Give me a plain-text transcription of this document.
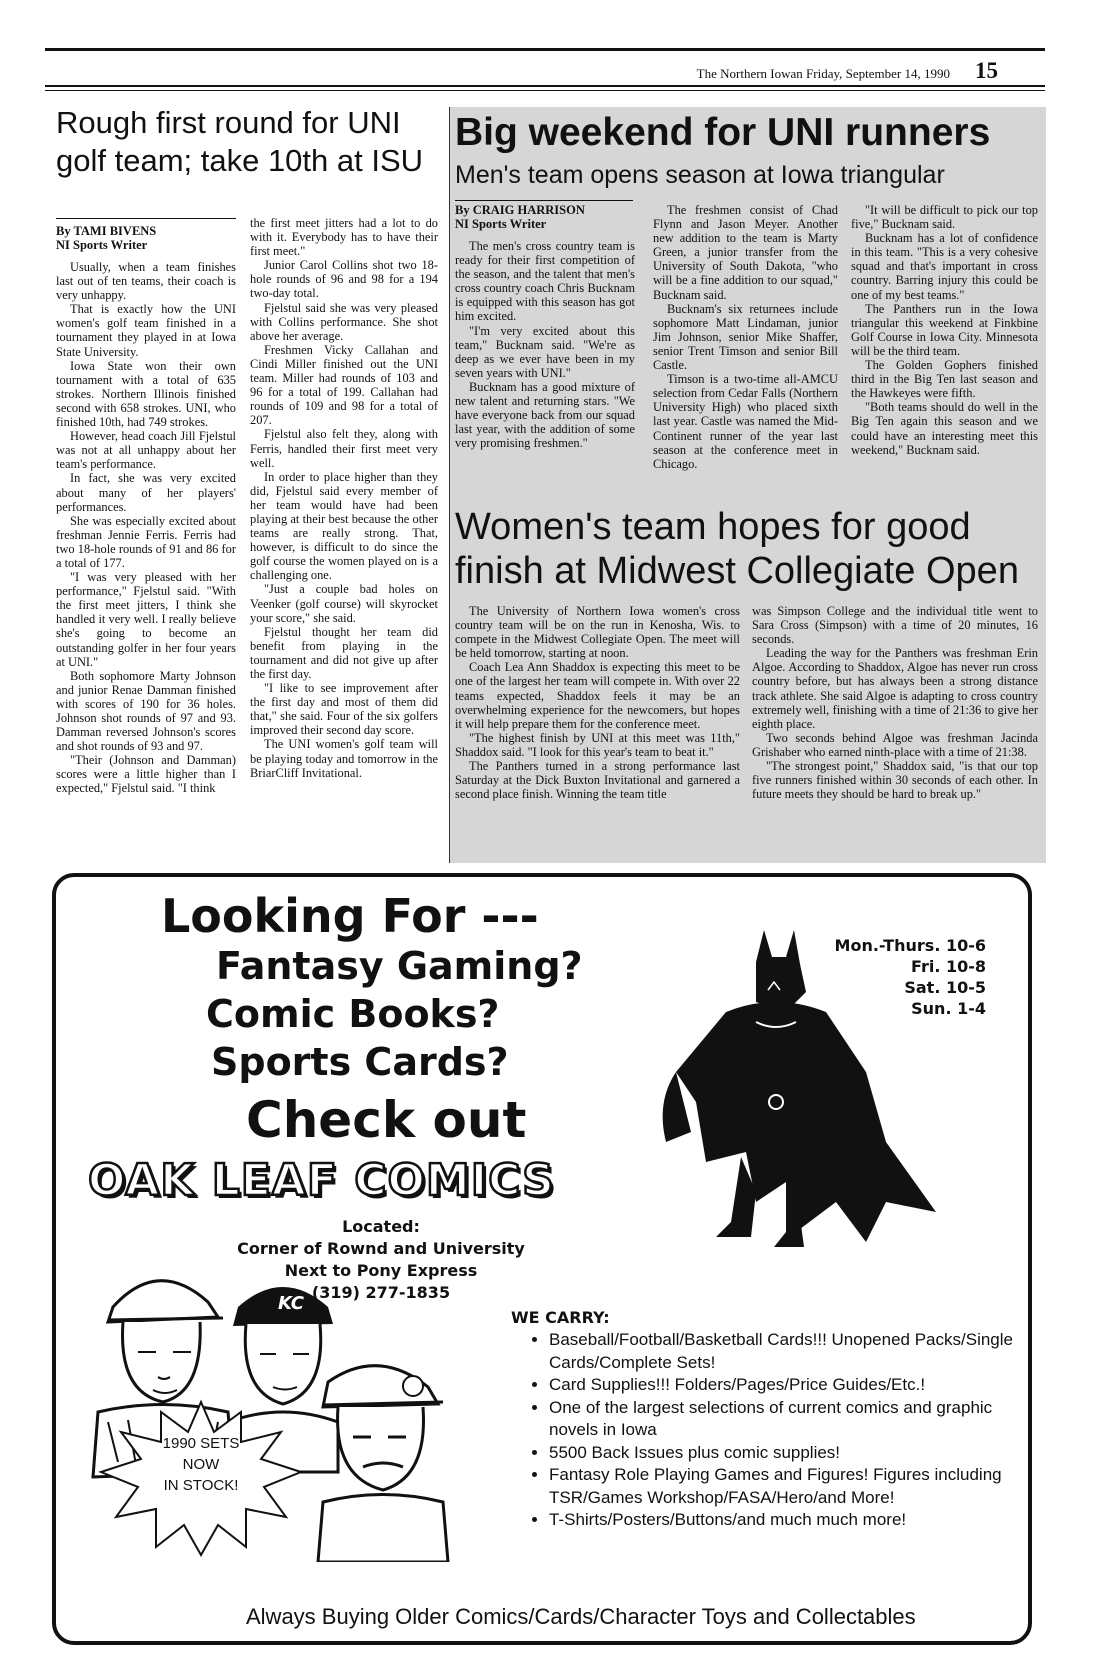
The Northern Iowan Friday, September 14, 1990 15
Rough first round for UNI golf team; take 10th at ISU
By TAMI BIVENS
NI Sports Writer

Usually, when a team finishes last out of ten teams, their coach is very unhappy.

That is exactly how the UNI women's golf team finished in a tournament they played in at Iowa State University.

Iowa State won their own tournament with a total of 635 strokes. Northern Illinois finished second with 658 strokes. UNI, who finished 10th, had 749 strokes.

However, head coach Jill Fjelstul was not at all unhappy about her team's performance.

In fact, she was very excited about many of her players' performances.

She was especially excited about freshman Jennie Ferris. Ferris had two 18-hole rounds of 91 and 86 for a total of 177.

"I was very pleased with her performance," Fjelstul said. "With the first meet jitters, I think she handled it very well. I really believe she's going to become an outstanding golfer in her four years at UNI."

Both sophomore Marty Johnson and junior Renae Damman finished with scores of 190 for 36 holes. Johnson shot rounds of 97 and 93. Damman reversed Johnson's scores and shot rounds of 93 and 97.

"Their (Johnson and Damman) scores were a little higher than I expected," Fjelstul said. "I think

the first meet jitters had a lot to do with it. Everybody has to have their first meet."

Junior Carol Collins shot two 18-hole rounds of 96 and 98 for a 194 two-day total.

Fjelstul said she was very pleased with Collins performance. She shot above her average.

Freshmen Vicky Callahan and Cindi Miller finished out the UNI team. Miller had rounds of 103 and 96 for a total of 199. Callahan had rounds of 109 and 98 for a total of 207.

Fjelstul also felt they, along with Ferris, handled their first meet very well.

In order to place higher than they did, Fjelstul said every member of her team would have had been playing at their best because the other teams are really strong. That, however, is difficult to do since the golf course the women played on is a challenging one.

"Just a couple bad holes on Veenker (golf course) will skyrocket your score," she said.

Fjelstul thought her team did benefit from playing in the tournament and did not give up after the first day.

"I like to see improvement after the first day and most of them did that," she said. Four of the six golfers improved their second day score.

The UNI women's golf team will be playing today and tomorrow in the BriarCliff Invitational.

Big weekend for UNI runners
Men's team opens season at Iowa triangular
By CRAIG HARRISON
NI Sports Writer

The men's cross country team is ready for their first competition of the season, and the talent that men's cross country coach Chris Bucknam is equipped with this season has got him excited.

"I'm very excited about this team," Bucknam said. "We're as deep as we ever have been in my seven years with UNI."

Bucknam has a good mixture of new talent and returning stars. "We have everyone back from our squad last year, with the addition of some very promising freshmen."

The freshmen consist of Chad Flynn and Jason Meyer. Another new addition to the team is Marty Green, a junior transfer from the University of South Dakota, "who will be a fine addition to our squad," Bucknam said.

Bucknam's six returnees include sophomore Matt Lindaman, junior Jim Johnson, senior Mike Shaffer, senior Trent Timson and senior Bill Castle.

Timson is a two-time all-AMCU selection from Cedar Falls (Northern University High) who placed sixth last year. Castle was named the Mid-Continent runner of the year last season at the conference meet in Chicago.

"It will be difficult to pick our top five," Bucknam said.

Bucknam has a lot of confidence in this team. "This is a very cohesive squad and that's important in cross country. Barring injury this could be one of my best teams."

The Panthers run in the Iowa triangular this weekend at Finkbine Golf Course in Iowa City. Minnesota will be the third team.

The Golden Gophers finished third in the Big Ten last season and the Hawkeyes were fifth.

"Both teams should do well in the Big Ten again this season and we could have an interesting meet this weekend," Bucknam said.

Women's team hopes for good finish at Midwest Collegiate Open

The University of Northern Iowa women's cross country team will be on the run in Kenosha, Wis. to compete in the Midwest Collegiate Open. The meet will be held tomorrow, starting at noon.

Coach Lea Ann Shaddox is expecting this meet to be one of the largest her team will compete in. With over 22 teams expected, Shaddox feels it may be an overwhelming experience for the newcomers, but hopes it will help prepare them for the conference meet.

"The highest finish by UNI at this meet was 11th," Shaddox said. "I look for this year's team to beat it."

The Panthers turned in a strong performance last Saturday at the Dick Buxton Invitational and garnered a second place finish. Winning the team title

was Simpson College and the individual title went to Sara Cross (Simpson) with a time of 20 minutes, 16 seconds.

Leading the way for the Panthers was freshman Erin Algoe. According to Shaddox, Algoe has never run cross country before, but has always been a strong distance track athlete. She said Algoe is adapting to cross country extremely well, finishing with a time of 21:36 to give her eighth place.

Two seconds behind Algoe was freshman Jacinda Grishaber who earned ninth-place with a time of 21:38.

"The strongest point," Shaddox said, "is that our top five runners finished within 30 seconds of each other. In future meets they should be hard to break up."

Looking For ---
Fantasy Gaming?
Comic Books?
Sports Cards?
Check out
OAK LEAF COMICS
Located:
Corner of Rownd and University
Next to Pony Express
(319) 277-1835
Mon.-Thurs. 10-6
Fri. 10-8
Sat. 10-5
Sun. 1-4
KC
1990 SETS
NOW
IN STOCK!
WE CARRY:
• Baseball/Football/Basketball Cards!!! Unopened Packs/Single Cards/Complete Sets!
• Card Supplies!!! Folders/Pages/Price Guides/Etc.!
• One of the largest selections of current comics and graphic novels in Iowa
• 5500 Back Issues plus comic supplies!
• Fantasy Role Playing Games and Figures! Figures including TSR/Games Workshop/FASA/Hero/and More!
• T-Shirts/Posters/Buttons/and much much more!
Always Buying Older Comics/Cards/Character Toys and Collectables
